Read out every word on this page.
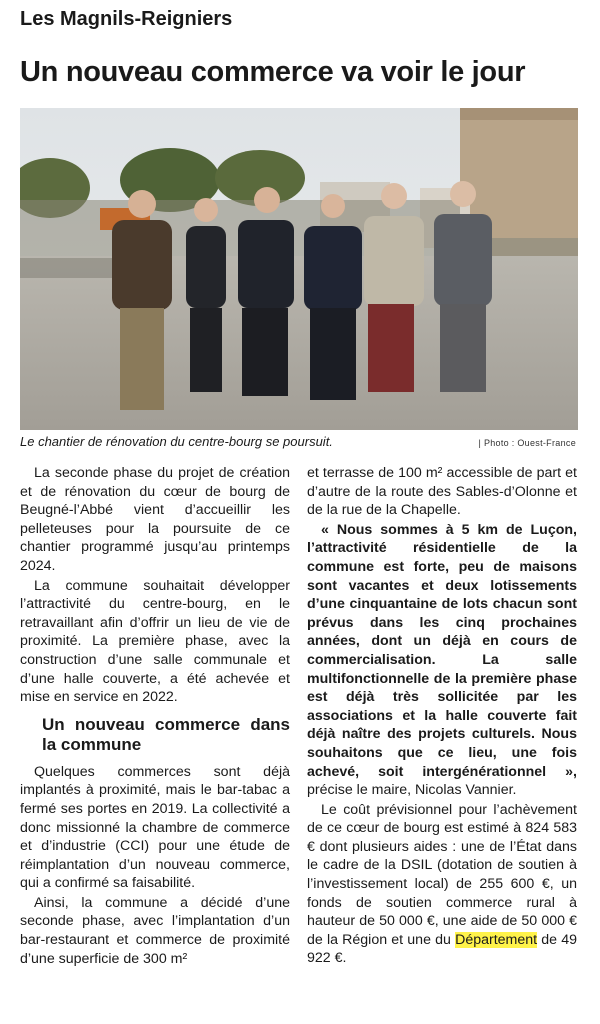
Les Magnils-Reigniers
Un nouveau commerce va voir le jour
Le chantier de rénovation du centre-bourg se poursuit.	| Photo : Ouest-France

La seconde phase du projet de création et de rénovation du cœur de bourg de Beugné-l’Abbé vient d’accueillir les pelleteuses pour la poursuite de ce chantier programmé jusqu’au printemps 2024.

La commune souhaitait développer l’attractivité du centre-bourg, en le retravaillant afin d’offrir un lieu de vie de proximité. La première phase, avec la construction d’une salle communale et d’une halle couverte, a été achevée et mise en service en 2022.

Un nouveau commerce dans la commune

Quelques commerces sont déjà implantés à proximité, mais le bar-tabac a fermé ses portes en 2019. La collectivité a donc missionné la chambre de commerce et d’industrie (CCI) pour une étude de réimplantation d’un nouveau commerce, qui a confirmé sa faisabilité.

Ainsi, la commune a décidé d’une seconde phase, avec l’implantation d’un bar-restaurant et commerce de proximité d’une superficie de 300 m²

et terrasse de 100 m² accessible de part et d’autre de la route des Sables-d’Olonne et de la rue de la Chapelle.

« Nous sommes à 5 km de Luçon, l’attractivité résidentielle de la commune est forte, peu de maisons sont vacantes et deux lotissements d’une cinquantaine de lots chacun sont prévus dans les cinq prochaines années, dont un déjà en cours de commercialisation. La salle multifonctionnelle de la première phase est déjà très sollicitée par les associations et la halle couverte fait déjà naître des projets culturels. Nous souhaitons que ce lieu, une fois achevé, soit intergénérationnel », précise le maire, Nicolas Vannier.

Le coût prévisionnel pour l’achèvement de ce cœur de bourg est estimé à 824 583 € dont plusieurs aides : une de l’État dans le cadre de la DSIL (dotation de soutien à l’investissement local) de 255 600 €, un fonds de soutien commerce rural à hauteur de 50 000 €, une aide de 50 000 € de la Région et une du Département de 49 922 €.
